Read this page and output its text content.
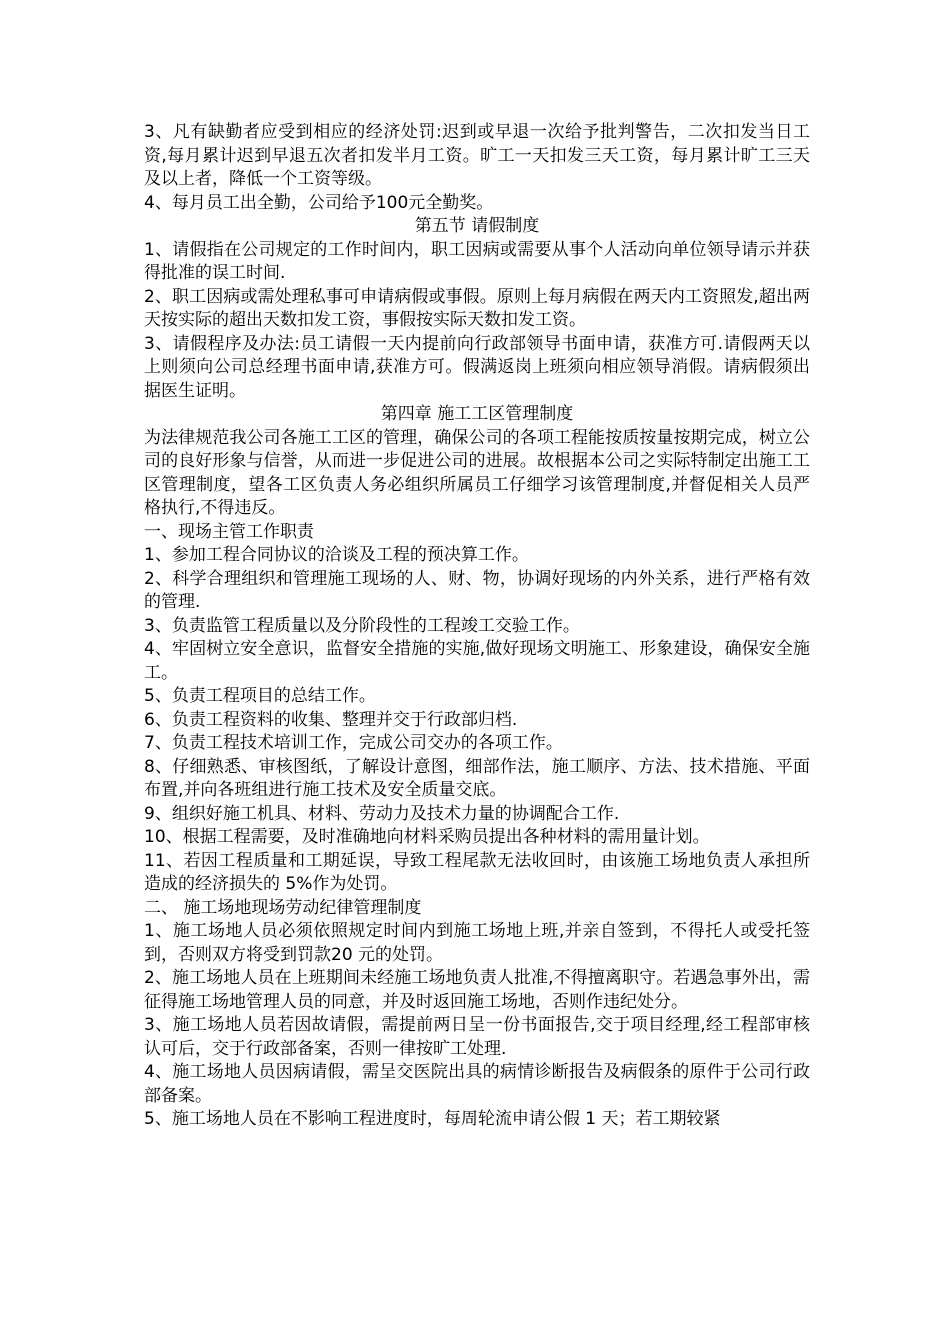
3、凡有缺勤者应受到相应的经济处罚:迟到或早退一次给予批判警告，二次扣发当日工资,每月累计迟到早退五次者扣发半月工资。旷工一天扣发三天工资，每月累计旷工三天及以上者，降低一个工资等级。

4、每月员工出全勤，公司给予100元全勤奖。

第五节 请假制度

1、请假指在公司规定的工作时间内，职工因病或需要从事个人活动向单位领导请示并获得批准的误工时间.

2、职工因病或需处理私事可申请病假或事假。原则上每月病假在两天内工资照发,超出两天按实际的超出天数扣发工资，事假按实际天数扣发工资。

3、请假程序及办法:员工请假一天内提前向行政部领导书面申请，获准方可.请假两天以上则须向公司总经理书面申请,获准方可。假满返岗上班须向相应领导消假。请病假须出据医生证明。

第四章 施工工区管理制度

为法律规范我公司各施工工区的管理，确保公司的各项工程能按质按量按期完成，树立公司的良好形象与信誉，从而进一步促进公司的进展。故根据本公司之实际特制定出施工工区管理制度，望各工区负责人务必组织所属员工仔细学习该管理制度,并督促相关人员严格执行,不得违反。

一、现场主管工作职责

1、参加工程合同协议的洽谈及工程的预决算工作。

2、科学合理组织和管理施工现场的人、财、物，协调好现场的内外关系，进行严格有效的管理.

3、负责监管工程质量以及分阶段性的工程竣工交验工作。

4、牢固树立安全意识，监督安全措施的实施,做好现场文明施工、形象建设，确保安全施工。

5、负责工程项目的总结工作。

6、负责工程资料的收集、整理并交于行政部归档.

7、负责工程技术培训工作，完成公司交办的各项工作。

8、仔细熟悉、审核图纸，了解设计意图，细部作法，施工顺序、方法、技术措施、平面布置,并向各班组进行施工技术及安全质量交底。

9、组织好施工机具、材料、劳动力及技术力量的协调配合工作.

10、根据工程需要，及时准确地向材料采购员提出各种材料的需用量计划。

11、若因工程质量和工期延误，导致工程尾款无法收回时，由该施工场地负责人承担所造成的经济损失的 5%作为处罚。

二、 施工场地现场劳动纪律管理制度

1、施工场地人员必须依照规定时间内到施工场地上班,并亲自签到，不得托人或受托签到，否则双方将受到罚款20 元的处罚。

2、施工场地人员在上班期间未经施工场地负责人批准,不得擅离职守。若遇急事外出，需征得施工场地管理人员的同意，并及时返回施工场地，否则作违纪处分。

3、施工场地人员若因故请假，需提前两日呈一份书面报告,交于项目经理,经工程部审核认可后，交于行政部备案，否则一律按旷工处理.

4、施工场地人员因病请假，需呈交医院出具的病情诊断报告及病假条的原件于公司行政部备案。

5、施工场地人员在不影响工程进度时，每周轮流申请公假 1 天；若工期较紧
